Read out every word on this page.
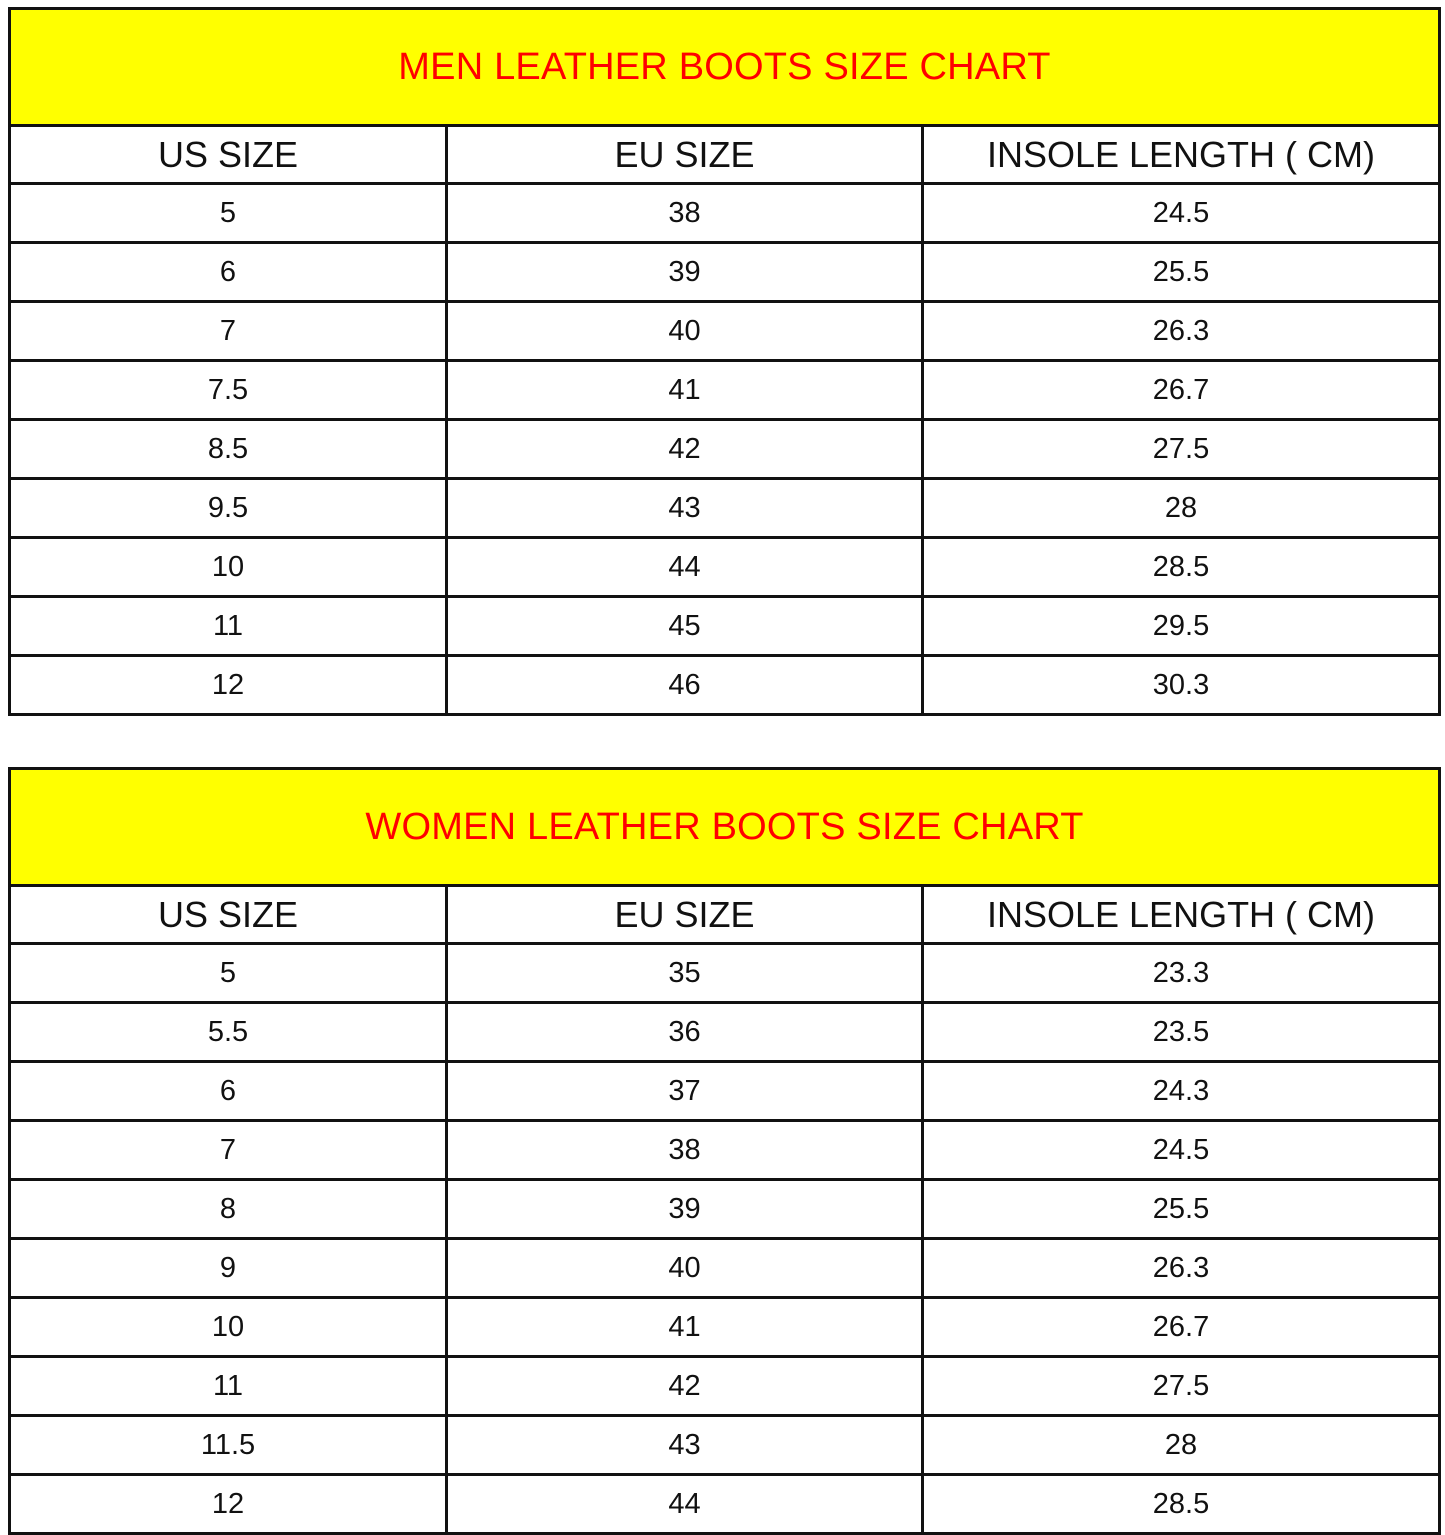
MEN LEATHER BOOTS SIZE CHART		
US SIZE	EU SIZE	INSOLE LENGTH ( CM)
5	38	24.5
6	39	25.5
7	40	26.3
7.5	41	26.7
8.5	42	27.5
9.5	43	28
10	44	28.5
11	45	29.5
12	46	30.3
WOMEN LEATHER BOOTS SIZE CHART		
US SIZE	EU SIZE	INSOLE LENGTH ( CM)
5	35	23.3
5.5	36	23.5
6	37	24.3
7	38	24.5
8	39	25.5
9	40	26.3
10	41	26.7
11	42	27.5
11.5	43	28
12	44	28.5
